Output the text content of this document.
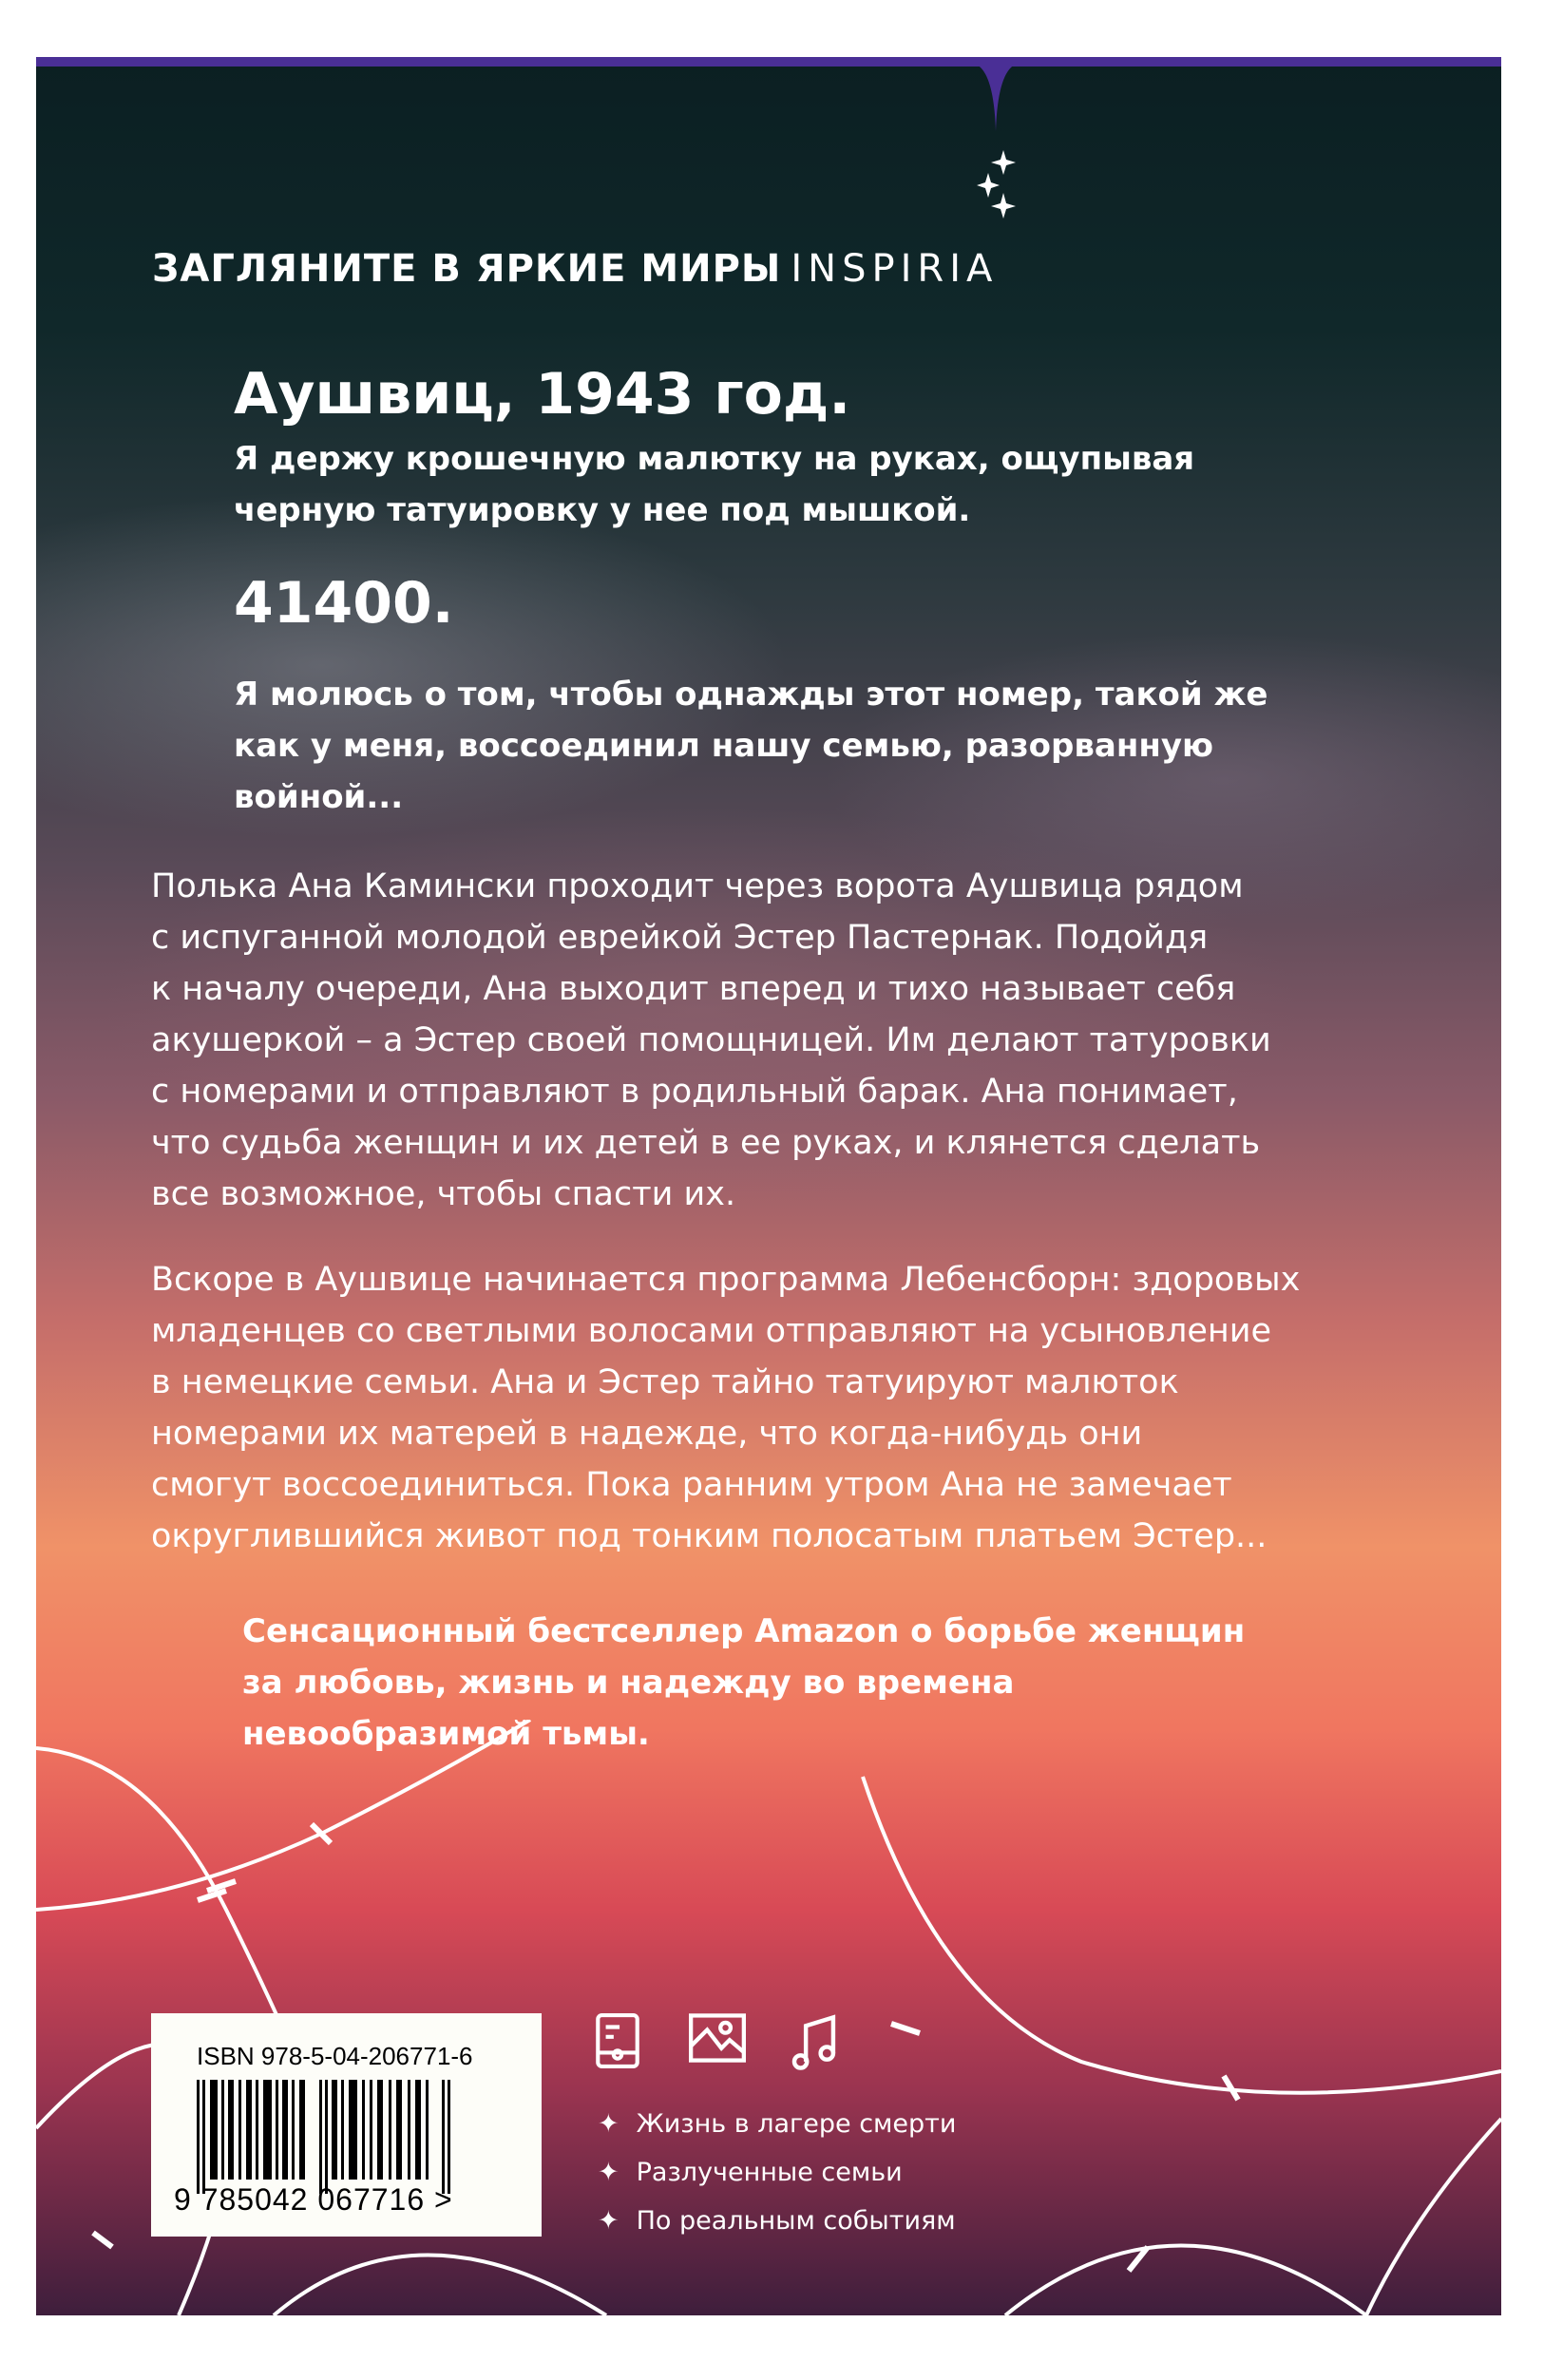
ЗАГЛЯНИТЕ В ЯРКИЕ МИРЫ INSPIRIA
Аушвиц, 1943 год.
Я держу крошечную малютку на руках, ощупывая
черную татуировку у нее под мышкой.
41400.
Я молюсь о том, чтобы однажды этот номер, такой же
как у меня, воссоединил нашу семью, разорванную
войной...
Полька Ана Камински проходит через ворота Аушвица рядом
с испуганной молодой еврейкой Эстер Пастернак. Подойдя
к началу очереди, Ана выходит вперед и тихо называет себя
акушеркой – а Эстер своей помощницей. Им делают татуровки
с номерами и отправляют в родильный барак. Ана понимает,
что судьба женщин и их детей в ее руках, и клянется сделать
все возможное, чтобы спасти их.
Вскоре в Аушвице начинается программа Лебенсборн: здоровых
младенцев со светлыми волосами отправляют на усыновление
в немецкие семьи. Ана и Эстер тайно татуируют малюток
номерами их матерей в надежде, что когда-нибудь они
смогут воссоединиться. Пока ранним утром Ана не замечает
округлившийся живот под тонким полосатым платьем Эстер...
Сенсационный бестселлер Amazon о борьбе женщин
за любовь, жизнь и надежду во времена
невообразимой тьмы.
ISBN 978-5-04-206771-6
9 785042 067716 >
✦ Жизнь в лагере смерти
✦ Разлученные семьи
✦ По реальным событиям
